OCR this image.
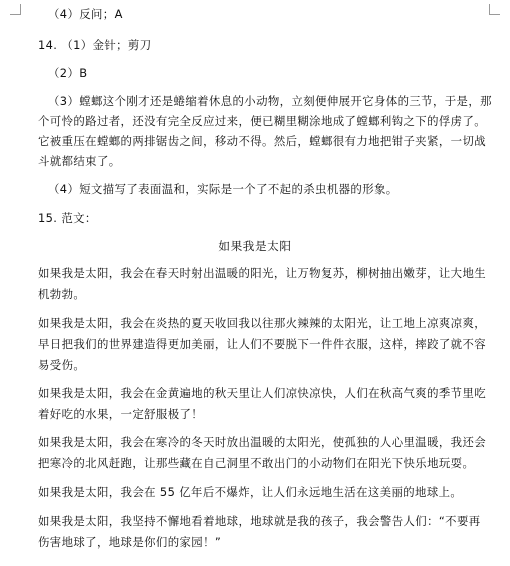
（4）反问；A
14. （1）金针；剪刀
（2）B
（3）螳螂这个刚才还是蜷缩着休息的小动物，立刻便伸展开它身体的三节，于是，那
个可怜的路过者，还没有完全反应过来，便已糊里糊涂地成了螳螂利钩之下的俘虏了。
它被重压在螳螂的两排锯齿之间，移动不得。然后，螳螂很有力地把钳子夹紧，一切战
斗就都结束了。
（4）短文描写了表面温和，实际是一个了不起的杀虫机器的形象。
15. 范文：
如果我是太阳
如果我是太阳，我会在春天时射出温暖的阳光，让万物复苏，柳树抽出嫩芽，让大地生
机勃勃。
如果我是太阳，我会在炎热的夏天收回我以往那火辣辣的太阳光，让工地上凉爽凉爽，
早日把我们的世界建造得更加美丽，让人们不要脱下一件件衣服，这样，摔跤了就不容
易受伤。
如果我是太阳，我会在金黄遍地的秋天里让人们凉快凉快，人们在秋高气爽的季节里吃
着好吃的水果，一定舒服极了！
如果我是太阳，我会在寒冷的冬天时放出温暖的太阳光，使孤独的人心里温暖，我还会
把寒冷的北风赶跑，让那些藏在自己洞里不敢出门的小动物们在阳光下快乐地玩耍。
如果我是太阳，我会在 55 亿年后不爆炸，让人们永远地生活在这美丽的地球上。
如果我是太阳，我坚持不懈地看着地球，地球就是我的孩子，我会警告人们：“不要再
伤害地球了，地球是你们的家园！”
